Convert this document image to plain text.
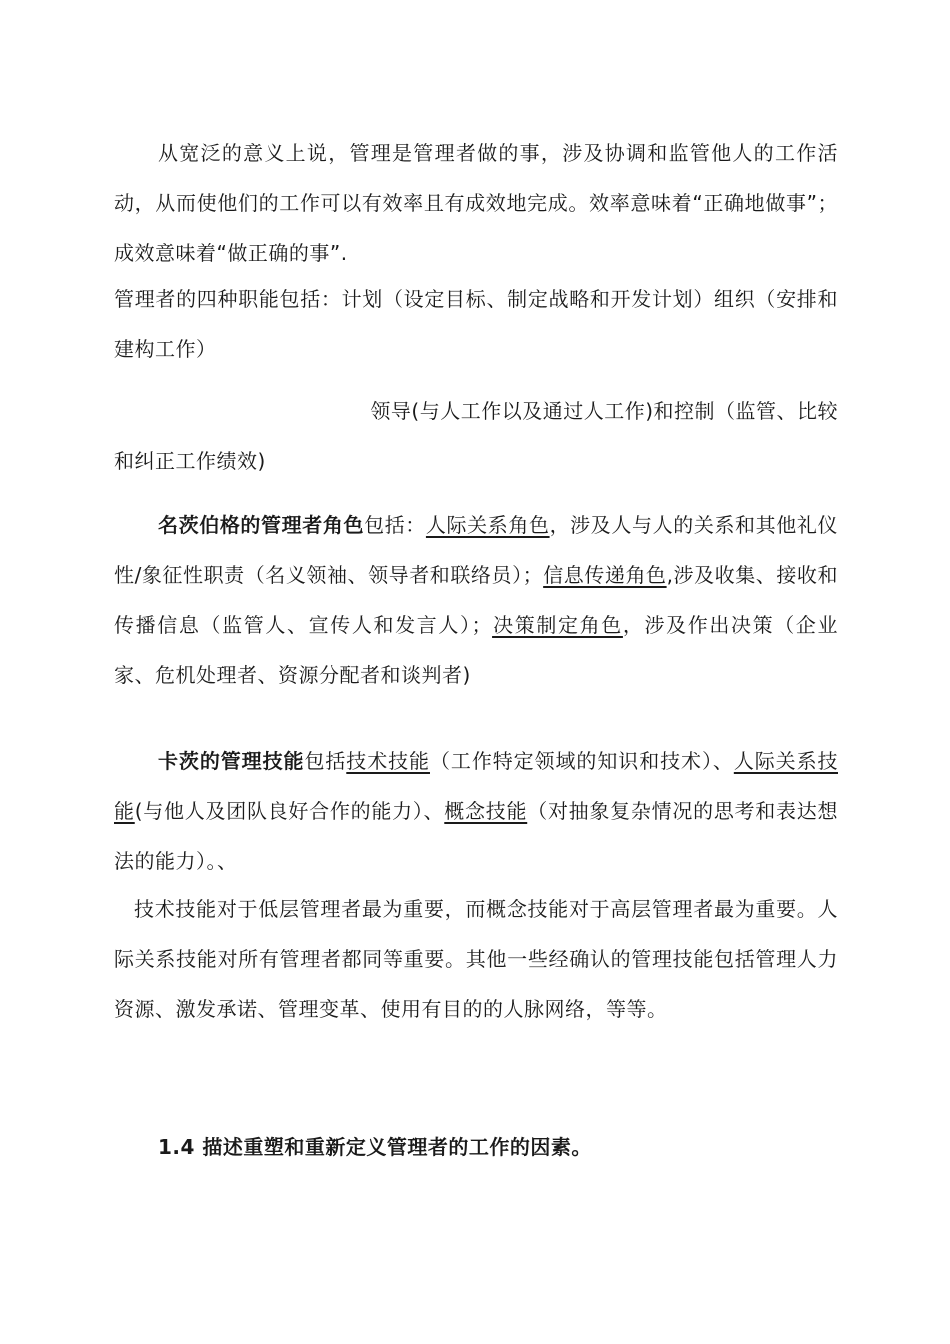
从宽泛的意义上说，管理是管理者做的事，涉及协调和监管他人的工作活动，从而使他们的工作可以有效率且有成效地完成。效率意味着“正确地做事”；成效意味着“做正确的事”.

管理者的四种职能包括：计划（设定目标、制定战略和开发计划）组织（安排和建构工作）

领导(与人工作以及通过人工作)和控制（监管、比较
和纠正工作绩效)

名茨伯格的管理者角色包括：人际关系角色，涉及人与人的关系和其他礼仪性/象征性职责（名义领袖、领导者和联络员）；信息传递角色,涉及收集、接收和传播信息（监管人、宣传人和发言人）；决策制定角色，涉及作出决策（企业家、危机处理者、资源分配者和谈判者)

卡茨的管理技能包括技术技能（工作特定领域的知识和技术）、人际关系技能(与他人及团队良好合作的能力）、概念技能（对抽象复杂情况的思考和表达想法的能力）。、

技术技能对于低层管理者最为重要，而概念技能对于高层管理者最为重要。人际关系技能对所有管理者都同等重要。其他一些经确认的管理技能包括管理人力资源、激发承诺、管理变革、使用有目的的人脉网络，等等。

1.4 描述重塑和重新定义管理者的工作的因素。
